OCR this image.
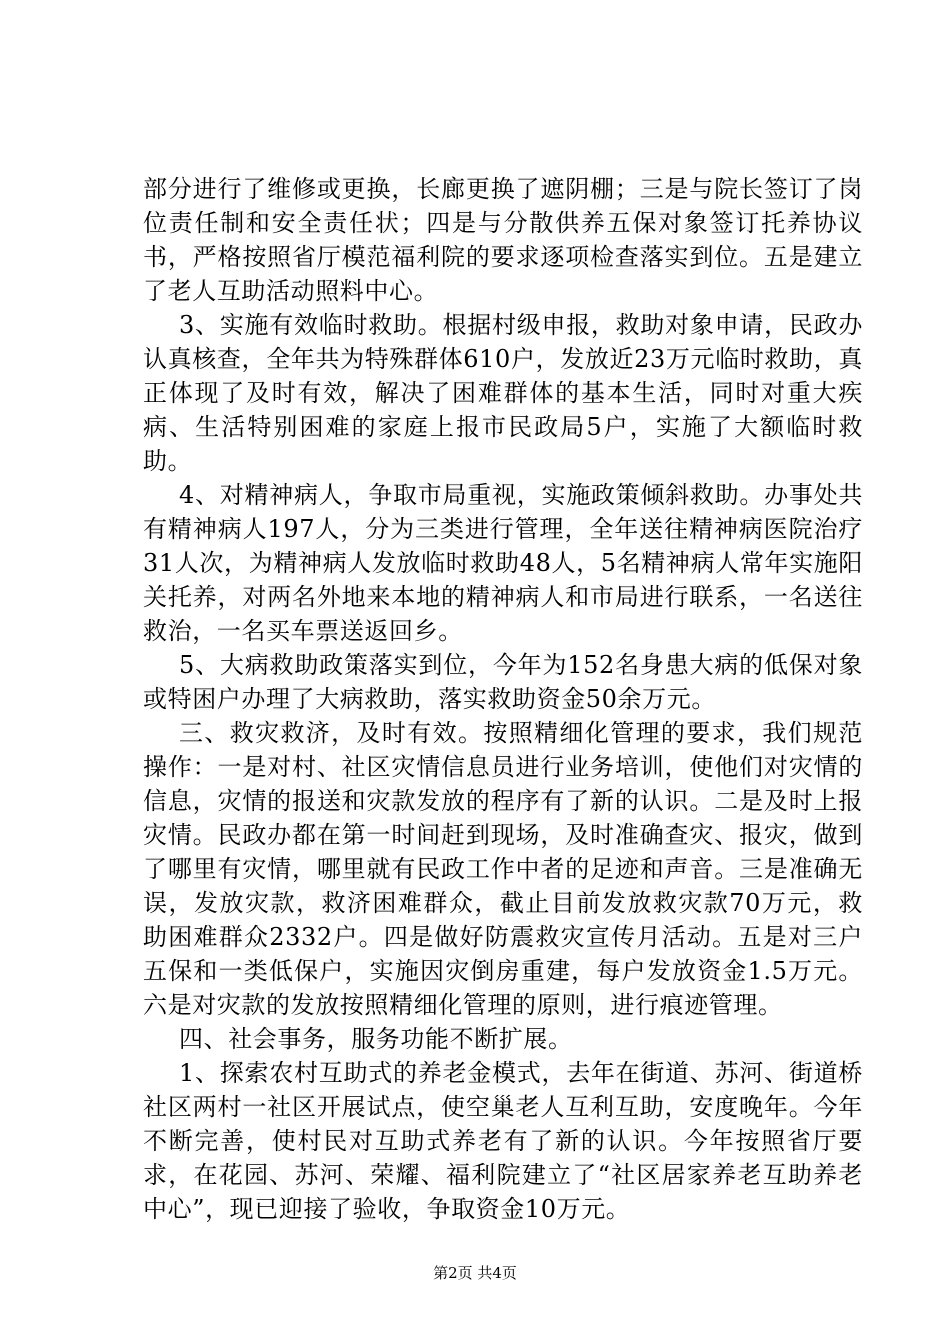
部分进行了维修或更换，长廊更换了遮阴棚；三是与院长签订了岗位责任制和安全责任状；四是与分散供养五保对象签订托养协议书，严格按照省厅模范福利院的要求逐项检查落实到位。五是建立了老人互助活动照料中心。

3、实施有效临时救助。根据村级申报，救助对象申请，民政办认真核查，全年共为特殊群体610户，发放近23万元临时救助，真正体现了及时有效，解决了困难群体的基本生活，同时对重大疾病、生活特别困难的家庭上报市民政局5户，实施了大额临时救助。

4、对精神病人，争取市局重视，实施政策倾斜救助。办事处共有精神病人197人，分为三类进行管理，全年送往精神病医院治疗31人次，为精神病人发放临时救助48人，5名精神病人常年实施阳关托养，对两名外地来本地的精神病人和市局进行联系，一名送往救治，一名买车票送返回乡。

5、大病救助政策落实到位，今年为152名身患大病的低保对象或特困户办理了大病救助，落实救助资金50余万元。

三、救灾救济，及时有效。按照精细化管理的要求，我们规范操作：一是对村、社区灾情信息员进行业务培训，使他们对灾情的信息，灾情的报送和灾款发放的程序有了新的认识。二是及时上报灾情。民政办都在第一时间赶到现场，及时准确查灾、报灾，做到了哪里有灾情，哪里就有民政工作中者的足迹和声音。三是准确无误，发放灾款，救济困难群众，截止目前发放救灾款70万元，救助困难群众2332户。四是做好防震救灾宣传月活动。五是对三户五保和一类低保户，实施因灾倒房重建，每户发放资金1.5万元。六是对灾款的发放按照精细化管理的原则，进行痕迹管理。

四、社会事务，服务功能不断扩展。

1、探索农村互助式的养老金模式，去年在街道、苏河、街道桥社区两村一社区开展试点，使空巢老人互利互助，安度晚年。今年不断完善，使村民对互助式养老有了新的认识。今年按照省厅要求，在花园、苏河、荣耀、福利院建立了“社区居家养老互助养老中心”，现已迎接了验收，争取资金10万元。

第2页 共4页
